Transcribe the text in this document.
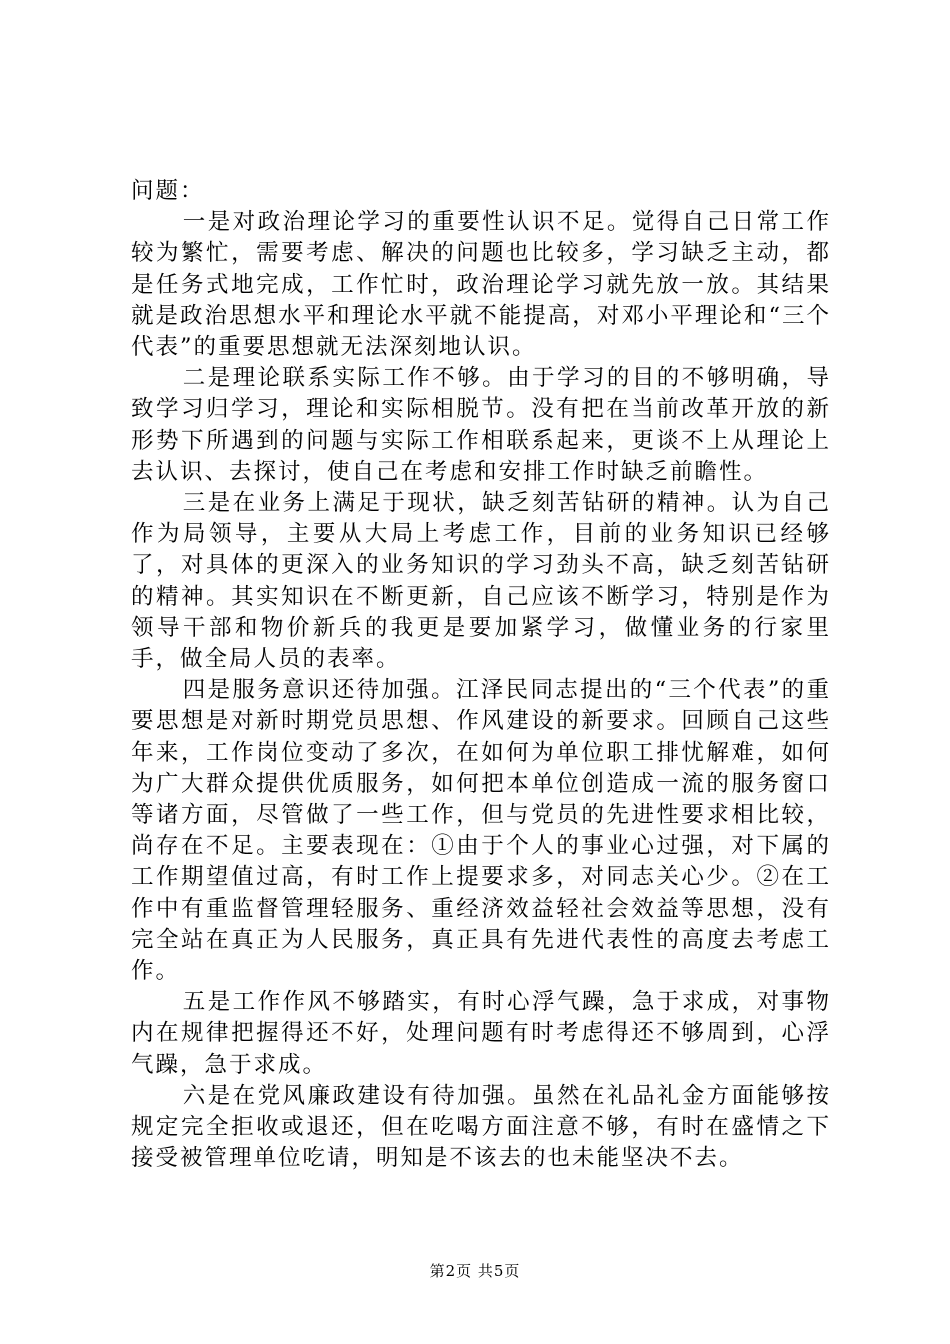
问题：

一是对政治理论学习的重要性认识不足。觉得自己日常工作较为繁忙，需要考虑、解决的问题也比较多，学习缺乏主动，都是任务式地完成，工作忙时，政治理论学习就先放一放。其结果就是政治思想水平和理论水平就不能提高，对邓小平理论和“三个代表”的重要思想就无法深刻地认识。

二是理论联系实际工作不够。由于学习的目的不够明确，导致学习归学习，理论和实际相脱节。没有把在当前改革开放的新形势下所遇到的问题与实际工作相联系起来，更谈不上从理论上去认识、去探讨，使自己在考虑和安排工作时缺乏前瞻性。

三是在业务上满足于现状，缺乏刻苦钻研的精神。认为自己作为局领导，主要从大局上考虑工作，目前的业务知识已经够了，对具体的更深入的业务知识的学习劲头不高，缺乏刻苦钻研的精神。其实知识在不断更新，自己应该不断学习，特别是作为领导干部和物价新兵的我更是要加紧学习，做懂业务的行家里手，做全局人员的表率。

四是服务意识还待加强。江泽民同志提出的“三个代表”的重要思想是对新时期党员思想、作风建设的新要求。回顾自己这些年来，工作岗位变动了多次，在如何为单位职工排忧解难，如何为广大群众提供优质服务，如何把本单位创造成一流的服务窗口等诸方面，尽管做了一些工作，但与党员的先进性要求相比较，尚存在不足。主要表现在：①由于个人的事业心过强，对下属的工作期望值过高，有时工作上提要求多，对同志关心少。②在工作中有重监督管理轻服务、重经济效益轻社会效益等思想，没有完全站在真正为人民服务，真正具有先进代表性的高度去考虑工作。

五是工作作风不够踏实，有时心浮气躁，急于求成，对事物内在规律把握得还不好，处理问题有时考虑得还不够周到，心浮气躁，急于求成。

六是在党风廉政建设有待加强。虽然在礼品礼金方面能够按规定完全拒收或退还，但在吃喝方面注意不够，有时在盛情之下接受被管理单位吃请，明知是不该去的也未能坚决不去。

第2页 共5页
